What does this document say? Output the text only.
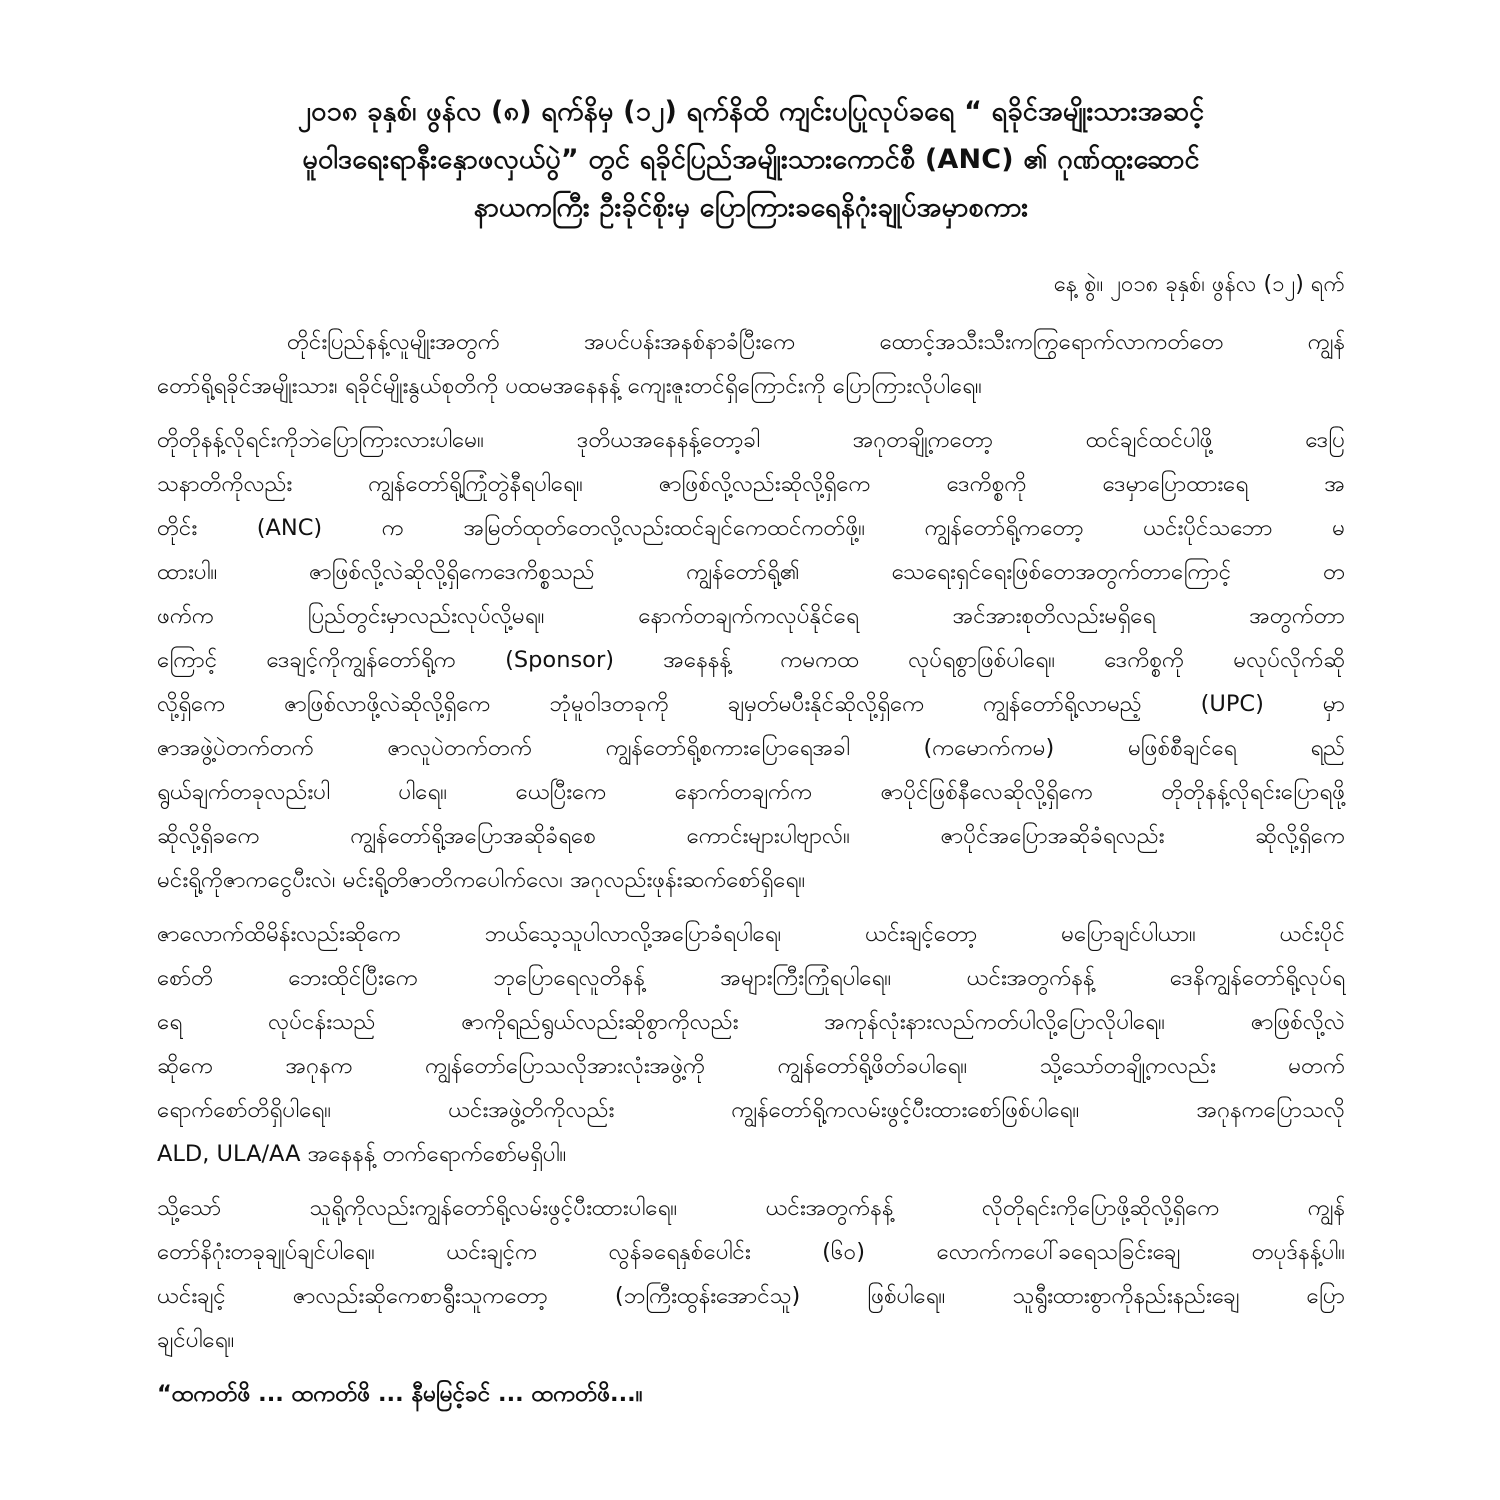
၂၀၁၈ ခုနှစ်၊ ဖွန်လ (၈) ရက်နိမှ (၁၂) ရက်နိထိ ကျင်းပပြုလုပ်ခရေ “ ရခိုင်အမျိုးသားအဆင့်
မူဝါဒရေးရာနီးနှောဖလှယ်ပွဲ” တွင် ရခိုင်ပြည်အမျိုးသားကောင်စီ (ANC) ၏ ဂုဏ်ထူးဆောင်
နာယကကြီး ဦးခိုင်စိုးမှ ပြောကြားခရေနိဂုံးချုပ်အမှာစကား
နေ့ စွဲ။ ၂၀၁၈ ခုနှစ်၊ ဖွန်လ (၁၂) ရက်

တိုင်းပြည်နန့်လူမျိုးအတွက် အပင်ပန်းအနစ်နာခံပြီးကေ ထောင့်အသီးသီးကကြွရောက်လာကတ်တေ ကျွန်
တော်ရို့ရခိုင်အမျိုးသား၊ ရခိုင်မျိုးနွယ်စုတိကို ပထမအနေနန့် ကျေးဇူးတင်ရှိကြောင်းကို ပြောကြားလိုပါရေ။

တိုတိုနန့်လိုရင်းကိုဘဲပြောကြားလားပါမေ။ ဒုတိယအနေနန့်တော့ခါ အဂုတချို့ကတော့ ထင်ချင်ထင်ပါဖို့ ဒေပြ
သနာတိကိုလည်း ကျွန်တော်ရို့ကြုံတွဲနီရပါရေ။ ဇာဖြစ်လို့လည်းဆိုလို့ရှိကေ ဒေကိစ္စကို ဒေမှာပြောထားရေ အ
တိုင်း (ANC) က အမြတ်ထုတ်တေလို့လည်းထင်ချင်ကေထင်ကတ်ဖို့။ ကျွန်တော်ရို့ကတော့ ယင်းပိုင်သဘော မ
ထားပါ။ ဇာဖြစ်လို့လဲဆိုလို့ရှိကေဒေကိစ္စသည် ကျွန်တော်ရို့၏ သေရေးရှင်ရေးဖြစ်တေအတွက်တာကြောင့် တ
ဖက်က ပြည်တွင်းမှာလည်းလုပ်လို့မရ။ နောက်တချက်ကလုပ်နိုင်ရေ အင်အားစုတိလည်းမရှိရေ အတွက်တာ
ကြောင့် ဒေချင့်ကိုကျွန်တော်ရို့က (Sponsor) အနေနန့် ကမကထ လုပ်ရစွာဖြစ်ပါရေ။ ဒေကိစ္စကို မလုပ်လိုက်ဆို
လို့ရှိကေ ဇာဖြစ်လာဖို့လဲဆိုလို့ရှိကေ ဘုံမူဝါဒတခုကို ချမှတ်မပီးနိုင်ဆိုလို့ရှိကေ ကျွန်တော်ရို့လာမည့် (UPC) မှာ
ဇာအဖွဲ့ပဲတက်တက် ဇာလူပဲတက်တက် ကျွန်တော်ရို့စကားပြောရေအခါ (ကမောက်ကမ) မဖြစ်စီချင်ရေ ရည်
ရွယ်ချက်တခုလည်းပါ ပါရေ။ ယေပြီးကေ နောက်တချက်က ဇာပိုင်ဖြစ်နီလေဆိုလို့ရှိကေ တိုတိုနန့်လိုရင်းပြောရဖို့
ဆိုလို့ရှိခကေ ကျွန်တော်ရို့အပြောအဆိုခံရစေ ကောင်းများပါဗျာလ်။ ဇာပိုင်အပြောအဆိုခံရလည်း ဆိုလို့ရှိကေ
မင်းရို့ကိုဇာကငွေပီးလဲ၊ မင်းရို့တိဇာတိကပေါက်လေ၊ အဂုလည်းဖုန်းဆက်စော်ရှိရေ။

ဇာလောက်ထိမိန်းလည်းဆိုကေ ဘယ်သေ့သူပါလာလို့အပြောခံရပါရေ၊ ယင်းချင့်တော့ မပြောချင်ပါယာ။ ယင်းပိုင်
စော်တိ ဘေးထိုင်ပြီးကေ ဘုပြောရေလူတိနန့် အများကြီးကြုံရပါရေ။ ယင်းအတွက်နန့် ဒေနိကျွန်တော်ရို့လုပ်ရ
ရေ လုပ်ငန်းသည် ဇာကိုရည်ရွယ်လည်းဆိုစွာကိုလည်း အကုန်လုံးနားလည်ကတ်ပါလို့ပြောလိုပါရေ။ ဇာဖြစ်လို့လဲ
ဆိုကေ အဂုနက ကျွန်တော်ပြောသလိုအားလုံးအဖွဲ့ကို ကျွန်တော်ရို့ဖိတ်ခပါရေ။ သို့သော်တချို့ကလည်း မတက်
ရောက်စော်တိရှိပါရေ။ ယင်းအဖွဲ့တိကိုလည်း ကျွန်တော်ရို့ကလမ်းဖွင့်ပီးထားစော်ဖြစ်ပါရေ။ အဂုနကပြောသလို
ALD, ULA/AA အနေနန့် တက်ရောက်စော်မရှိပါ။

သို့သော် သူရို့ကိုလည်းကျွန်တော်ရို့လမ်းဖွင့်ပီးထားပါရေ။ ယင်းအတွက်နန့် လိုတိုရင်းကိုပြောဖို့ဆိုလို့ရှိကေ ကျွန်
တော်နိဂုံးတခုချုပ်ချင်ပါရေ။ ယင်းချင့်က လွန်ခရေနှစ်ပေါင်း (၆၀) လောက်ကပေါ်ခရေသခြင်းချေ တပုဒ်နန့်ပါ။
ယင်းချင့် ဇာလည်းဆိုကေစာရွီးသူကတော့ (ဘကြီးထွန်းအောင်သူ) ဖြစ်ပါရေ။ သူရွီးထားစွာကိုနည်းနည်းချေ ပြော
ချင်ပါရေ။

“ထကတ်ဖိ ... ထကတ်ဖိ ... နီမမြင့်ခင် ... ထကတ်ဖိ...။
